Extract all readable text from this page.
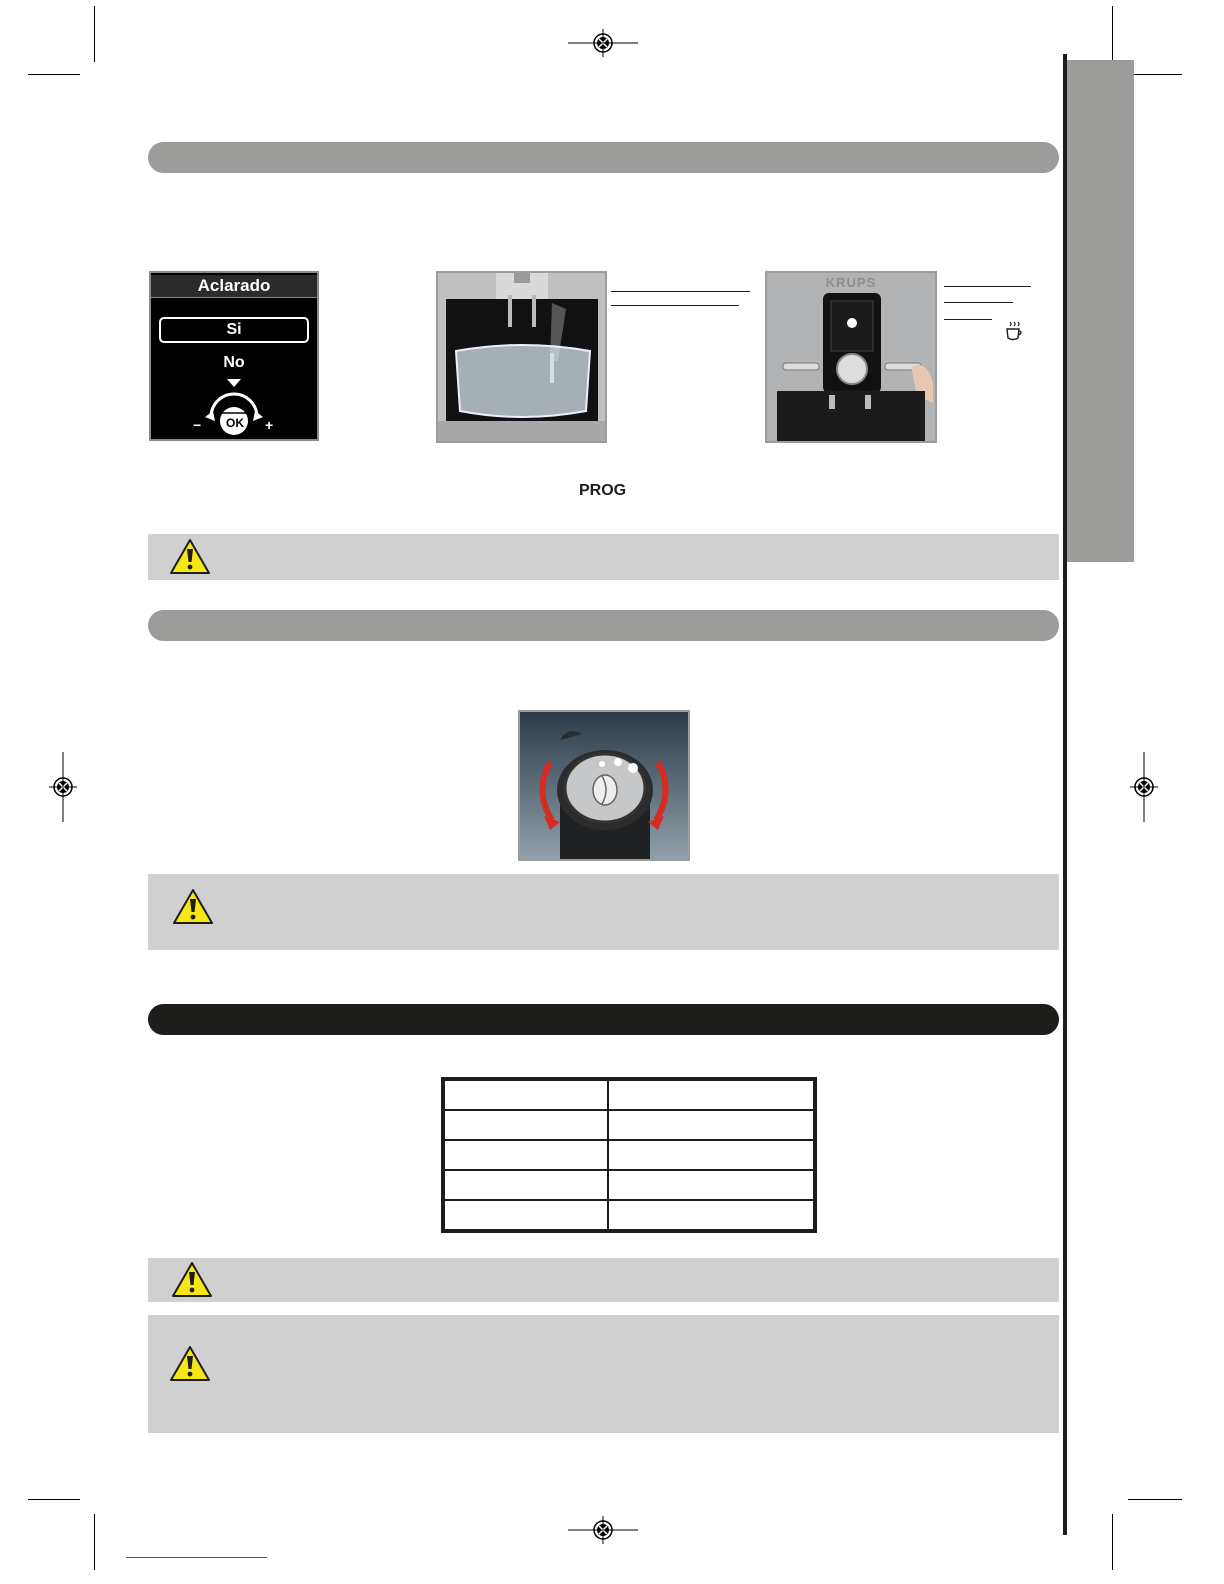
Aclarado
Si
No
OK
−	+
KRUPS
PROG
